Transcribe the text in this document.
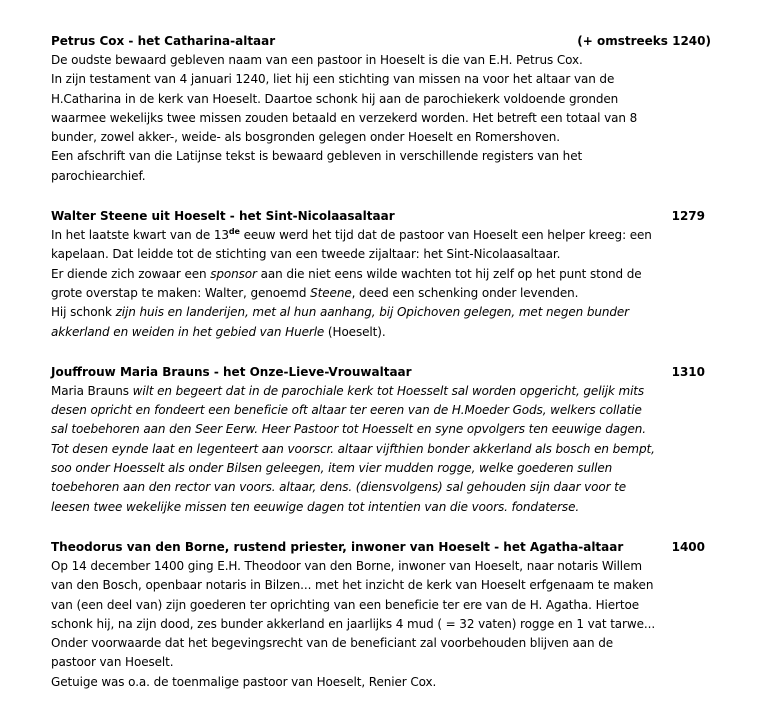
Petrus Cox - het Catharina-altaar	(+ omstreeks 1240)
De oudste bewaard gebleven naam van een pastoor in Hoeselt is die van E.H. Petrus Cox.
In zijn testament van 4 januari 1240, liet hij een stichting van missen na voor het altaar van de
H.Catharina in de kerk van Hoeselt. Daartoe schonk hij aan de parochiekerk voldoende gronden
waarmee wekelijks twee missen zouden betaald en verzekerd worden. Het betreft een totaal van 8
bunder, zowel akker-, weide- als bosgronden gelegen onder Hoeselt en Romershoven.
Een afschrift van die Latijnse tekst is bewaard gebleven in verschillende registers van het
parochiearchief.
Walter Steene uit Hoeselt - het Sint-Nicolaasaltaar	1279
In het laatste kwart van de 13de eeuw werd het tijd dat de pastoor van Hoeselt een helper kreeg: een
kapelaan. Dat leidde tot de stichting van een tweede zijaltaar: het Sint-Nicolaasaltaar.
Er diende zich zowaar een sponsor aan die niet eens wilde wachten tot hij zelf op het punt stond de
grote overstap te maken: Walter, genoemd Steene, deed een schenking onder levenden.
Hij schonk zijn huis en landerijen, met al hun aanhang, bij Opichoven gelegen, met negen bunder
akkerland en weiden in het gebied van Huerle (Hoeselt).
Jouffrouw Maria Brauns - het Onze-Lieve-Vrouwaltaar	1310
Maria Brauns wilt en begeert dat in de parochiale kerk tot Hoesselt sal worden opgericht, gelijk mits
desen opricht en fondeert een beneficie oft altaar ter eeren van de H.Moeder Gods, welkers collatie
sal toebehoren aan den Seer Eerw. Heer Pastoor tot Hoesselt en syne opvolgers ten eeuwige dagen.
Tot desen eynde laat en legenteert aan voorscr. altaar vijfthien bonder akkerland als bosch en bempt,
soo onder Hoesselt als onder Bilsen geleegen, item vier mudden rogge, welke goederen sullen
toebehoren aan den rector van voors. altaar, dens. (diensvolgens) sal gehouden sijn daar voor te
leesen twee wekelijke missen ten eeuwige dagen tot intentien van die voors. fondaterse.
Theodorus van den Borne, rustend priester, inwoner van Hoeselt - het Agatha-altaar	1400
Op 14 december 1400 ging E.H. Theodoor van den Borne, inwoner van Hoeselt, naar notaris Willem
van den Bosch, openbaar notaris in Bilzen... met het inzicht de kerk van Hoeselt erfgenaam te maken
van (een deel van) zijn goederen ter oprichting van een beneficie ter ere van de H. Agatha. Hiertoe
schonk hij, na zijn dood, zes bunder akkerland en jaarlijks 4 mud ( = 32 vaten) rogge en 1 vat tarwe...
Onder voorwaarde dat het begevingsrecht van de beneficiant zal voorbehouden blijven aan de
pastoor van Hoeselt.
Getuige was o.a. de toenmalige pastoor van Hoeselt, Renier Cox.
